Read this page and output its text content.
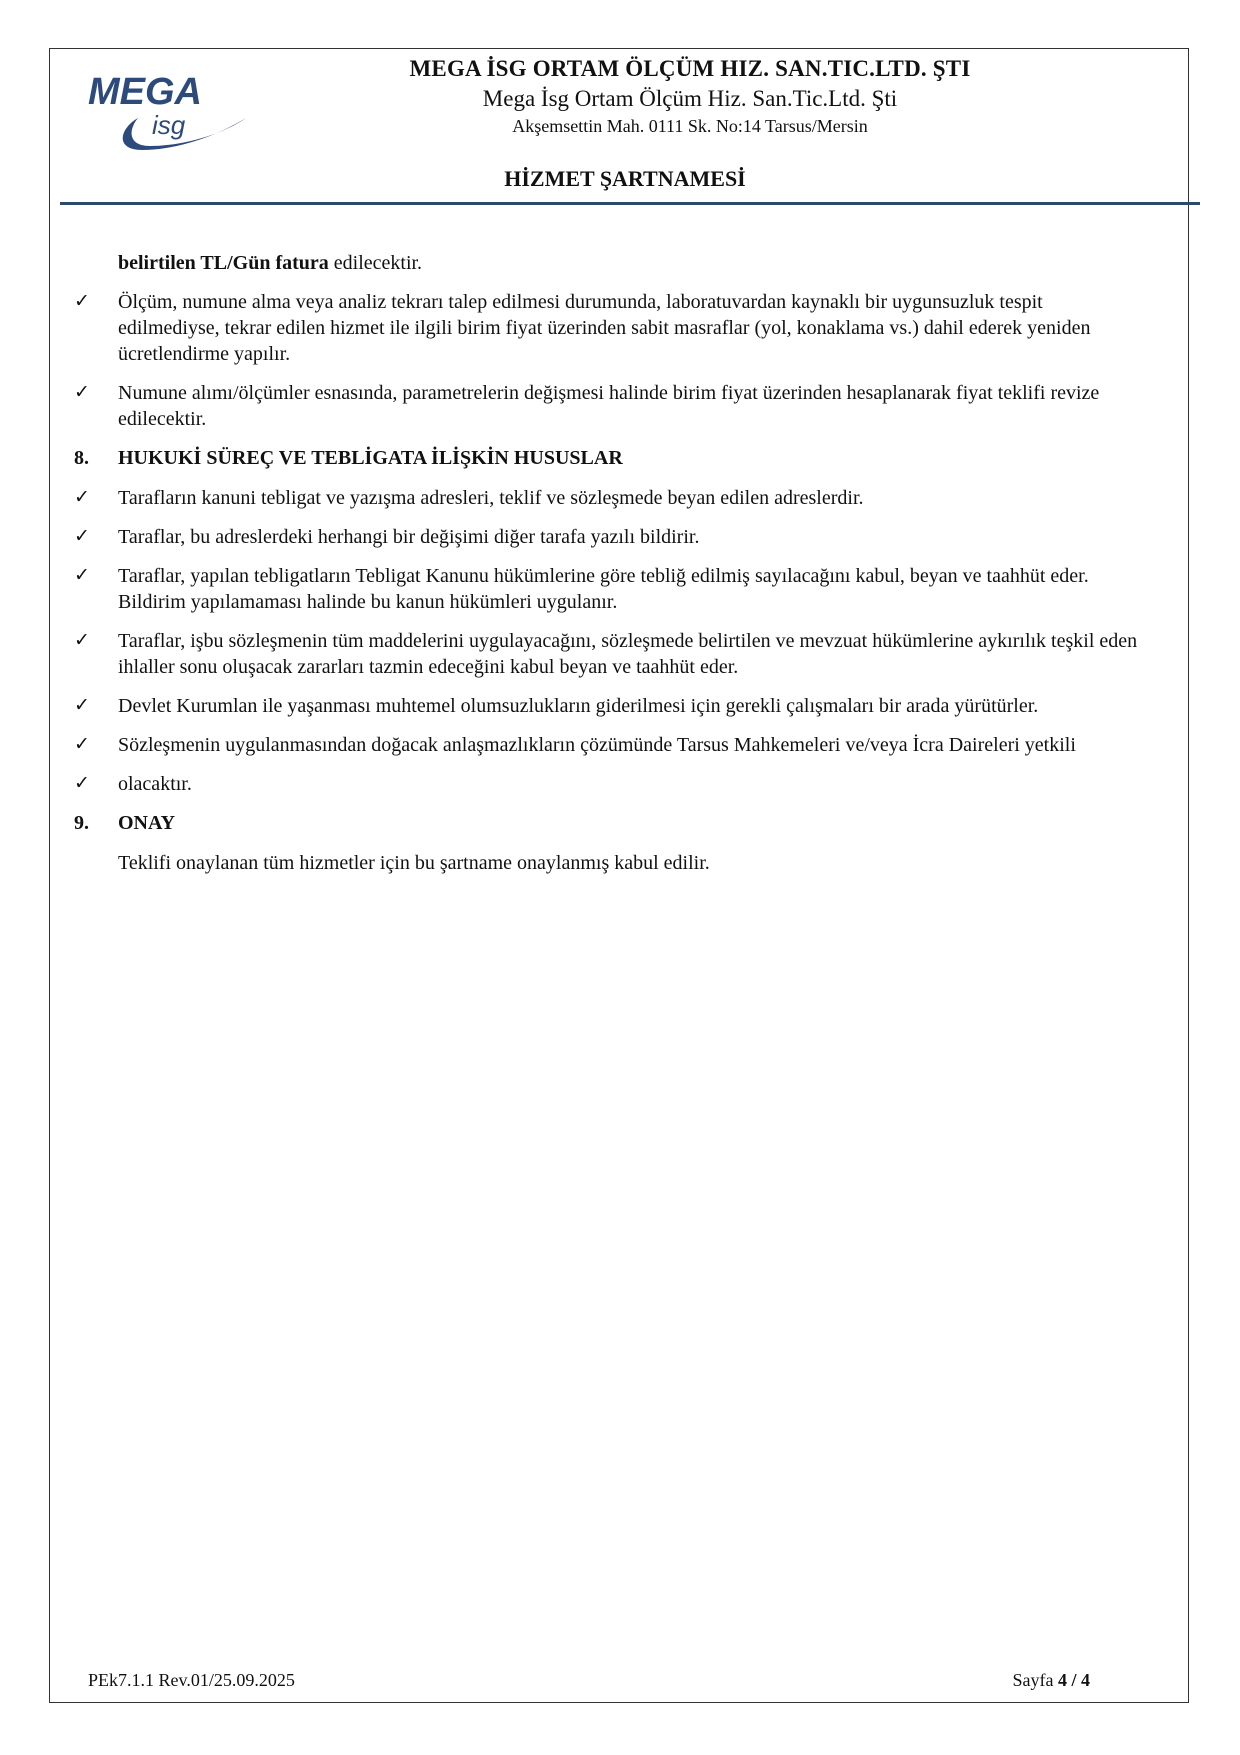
MEGA
isg
MEGA İSG ORTAM ÖLÇÜM HIZ. SAN.TIC.LTD. ŞTI
Mega İsg Ortam Ölçüm Hiz. San.Tic.Ltd. Şti
Akşemsettin Mah. 0111 Sk. No:14 Tarsus/Mersin
HİZMET ŞARTNAMESİ
belirtilen TL/Gün fatura edilecektir.
✓ Ölçüm, numune alma veya analiz tekrarı talep edilmesi durumunda, laboratuvardan kaynaklı bir uygunsuzluk tespit edilmediyse, tekrar edilen hizmet ile ilgili birim fiyat üzerinden sabit masraflar (yol, konaklama vs.) dahil ederek yeniden ücretlendirme yapılır.
✓ Numune alımı/ölçümler esnasında, parametrelerin değişmesi halinde birim fiyat üzerinden hesaplanarak fiyat teklifi revize edilecektir.
8. HUKUKİ SÜREÇ VE TEBLİGATA İLİŞKİN HUSUSLAR
✓ Tarafların kanuni tebligat ve yazışma adresleri, teklif ve sözleşmede beyan edilen adreslerdir.
✓ Taraflar, bu adreslerdeki herhangi bir değişimi diğer tarafa yazılı bildirir.
✓ Taraflar, yapılan tebligatların Tebligat Kanunu hükümlerine göre tebliğ edilmiş sayılacağını kabul, beyan ve taahhüt eder. Bildirim yapılamaması halinde bu kanun hükümleri uygulanır.
✓ Taraflar, işbu sözleşmenin tüm maddelerini uygulayacağını, sözleşmede belirtilen ve mevzuat hükümlerine aykırılık teşkil eden ihlaller sonu oluşacak zararları tazmin edeceğini kabul beyan ve taahhüt eder.
✓ Devlet Kurumlan ile yaşanması muhtemel olumsuzlukların giderilmesi için gerekli çalışmaları bir arada yürütürler.
✓ Sözleşmenin uygulanmasından doğacak anlaşmazlıkların çözümünde Tarsus Mahkemeleri ve/veya İcra Daireleri yetkili
✓ olacaktır.
9. ONAY
Teklifi onaylanan tüm hizmetler için bu şartname onaylanmış kabul edilir.
PEk7.1.1 Rev.01/25.09.2025	Sayfa 4 / 4
